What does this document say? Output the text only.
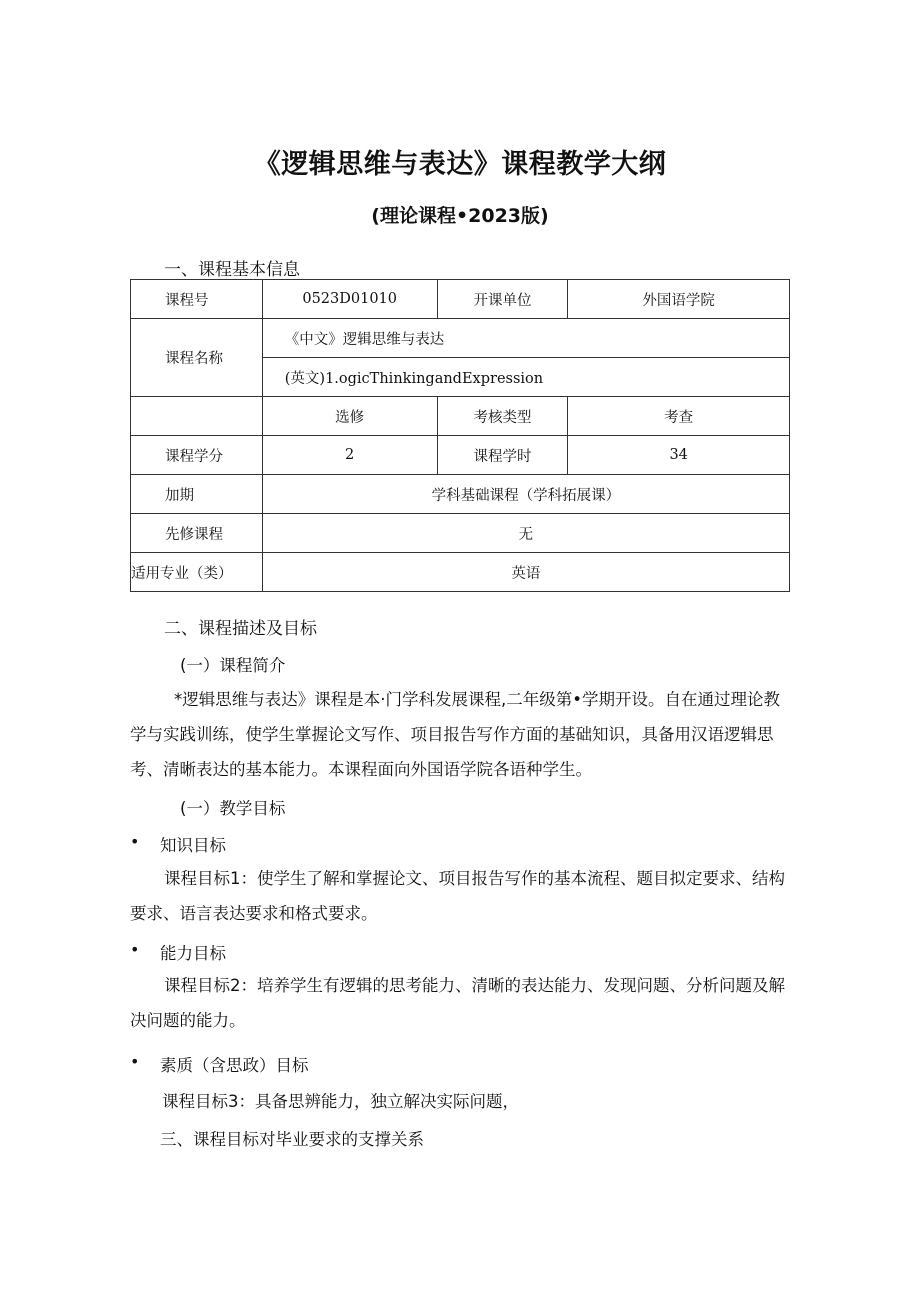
《逻辑思维与表达》课程教学大纲
(理论课程•2023版)
一、课程基本信息
课程号	0523D01010	开课单位	外国语学院
课程名称	《中文》逻辑思维与表达		
	(英文)1.ogicThinkingandExpression		
	选修	考核类型	考查
课程学分	2	课程学时	34
加期	学科基础课程（学科拓展课）		
先修课程	无		
适用专业（类）	英语		
二、课程描述及目标
(一）课程简介
*逻辑思维与表达》课程是本·门学科发展课程,二年级第•学期开设。自在通过理论教学与实践训练，使学生掌握论文写作、项目报告写作方面的基础知识，具备用汉语逻辑思考、清晰表达的基本能力。本课程面向外国语学院各语种学生。
(一）教学目标
• 知识目标
课程目标1：使学生了解和掌握论文、项目报告写作的基本流程、题目拟定要求、结构要求、语言表达要求和格式要求。
• 能力目标
课程目标2：培养学生有逻辑的思考能力、清晰的表达能力、发现问题、分析问题及解决问题的能力。
• 素质（含思政）目标
课程目标3：具备思辨能力，独立解决实际问题，
三、课程目标对毕业要求的支撑关系
